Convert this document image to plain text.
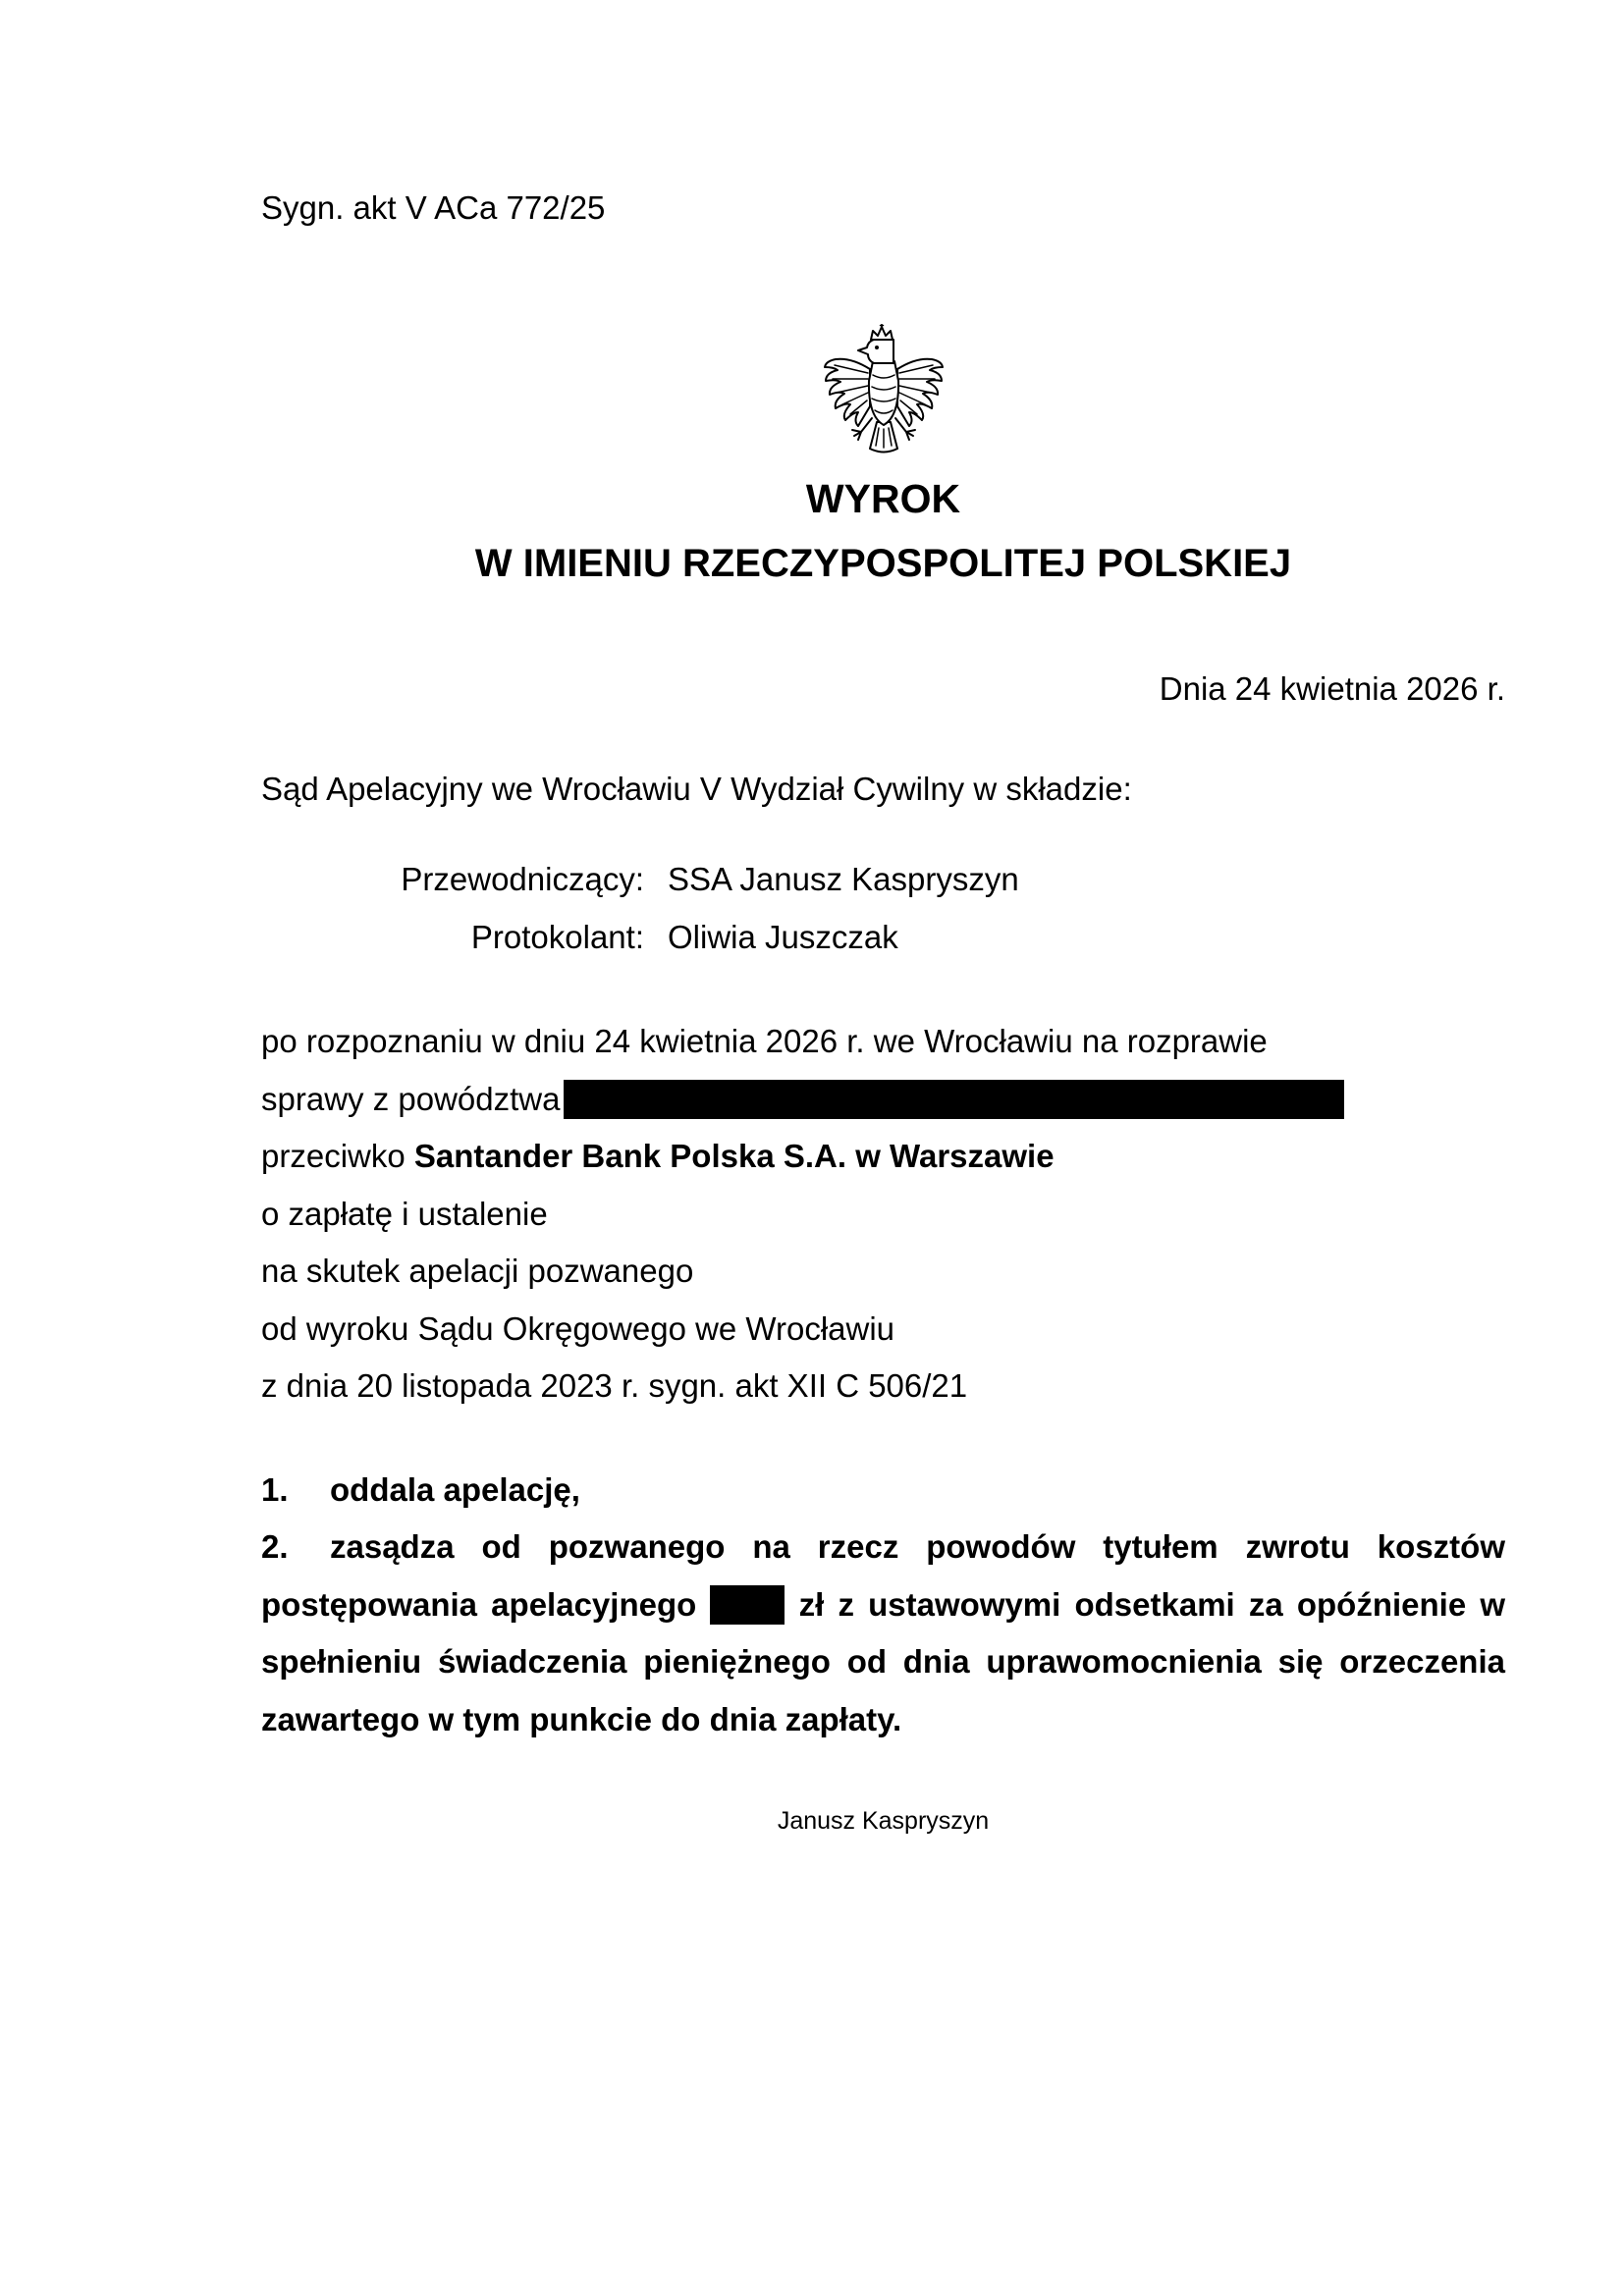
Sygn. akt V ACa 772/25

WYROK
W IMIENIU RZECZYPOSPOLITEJ POLSKIEJ

Dnia 24 kwietnia 2026 r.

Sąd Apelacyjny we Wrocławiu V Wydział Cywilny w składzie:

Przewodniczący: SSA Janusz Kaspryszyn
Protokolant: Oliwia Juszczak

po rozpoznaniu w dniu 24 kwietnia 2026 r. we Wrocławiu na rozprawie

sprawy z powództwa

przeciwko Santander Bank Polska S.A. w Warszawie

o zapłatę i ustalenie

na skutek apelacji pozwanego

od wyroku Sądu Okręgowego we Wrocławiu

z dnia 20 listopada 2023 r. sygn. akt XII C 506/21

1. oddala apelację,

2. zasądza od pozwanego na rzecz powodów tytułem zwrotu kosztów postępowania apelacyjnego	zł z ustawowymi odsetkami za opóźnienie w spełnieniu świadczenia pieniężnego od dnia uprawomocnienia się orzeczenia zawartego w tym punkcie do dnia zapłaty.

Janusz Kaspryszyn
